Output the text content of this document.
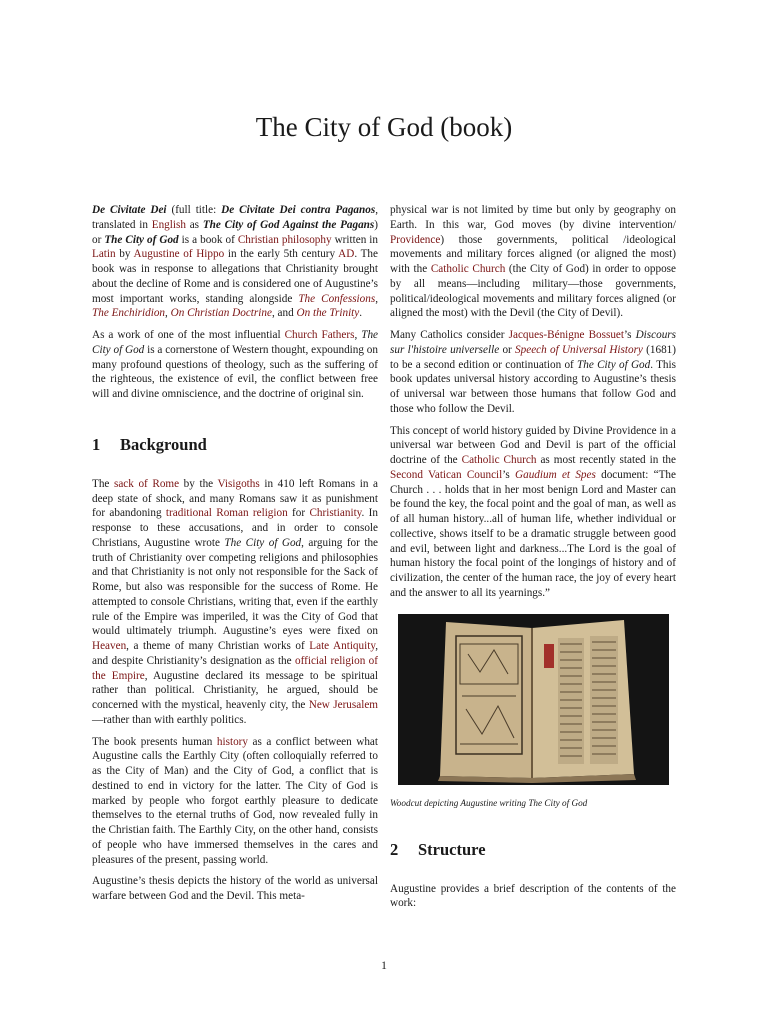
The City of God (book)

De Civitate Dei (full title: De Civitate Dei contra Paganos, translated in English as The City of God Against the Pagans) or The City of God is a book of Christian philosophy written in Latin by Augustine of Hippo in the early 5th century AD. The book was in response to allegations that Christianity brought about the decline of Rome and is considered one of Augustine’s most important works, standing alongside The Confessions, The Enchiridion, On Christian Doctrine, and On the Trinity.

As a work of one of the most influential Church Fathers, The City of God is a cornerstone of Western thought, expounding on many profound questions of theology, such as the suffering of the righteous, the existence of evil, the conflict between free will and divine omniscience, and the doctrine of original sin.

1 Background

The sack of Rome by the Visigoths in 410 left Romans in a deep state of shock, and many Romans saw it as punishment for abandoning traditional Roman religion for Christianity. In response to these accusations, and in order to console Christians, Augustine wrote The City of God, arguing for the truth of Christianity over competing religions and philosophies and that Christianity is not only not responsible for the Sack of Rome, but also was responsible for the success of Rome. He attempted to console Christians, writing that, even if the earthly rule of the Empire was imperiled, it was the City of God that would ultimately triumph. Augustine’s eyes were fixed on Heaven, a theme of many Christian works of Late Antiquity, and despite Christianity’s designation as the official religion of the Empire, Augustine declared its message to be spiritual rather than political. Christianity, he argued, should be concerned with the mystical, heavenly city, the New Jerusalem—rather than with earthly politics.

The book presents human history as a conflict between what Augustine calls the Earthly City (often colloquially referred to as the City of Man) and the City of God, a conflict that is destined to end in victory for the latter. The City of God is marked by people who forgot earthly pleasure to dedicate themselves to the eternal truths of God, now revealed fully in the Christian faith. The Earthly City, on the other hand, consists of people who have immersed themselves in the cares and pleasures of the present, passing world.

Augustine’s thesis depicts the history of the world as universal warfare between God and the Devil. This meta-

physical war is not limited by time but only by geography on Earth. In this war, God moves (by divine intervention/ Providence) those governments, political /ideological movements and military forces aligned (or aligned the most) with the Catholic Church (the City of God) in order to oppose by all means—including military—those governments, political/ideological movements and military forces aligned (or aligned the most) with the Devil (the City of Devil).

Many Catholics consider Jacques-Bénigne Bossuet’s Discours sur l'histoire universelle or Speech of Universal History (1681) to be a second edition or continuation of The City of God. This book updates universal history according to Augustine’s thesis of universal war between those humans that follow God and those who follow the Devil.

This concept of world history guided by Divine Providence in a universal war between God and Devil is part of the official doctrine of the Catholic Church as most recently stated in the Second Vatican Council’s Gaudium et Spes document: “The Church . . . holds that in her most benign Lord and Master can be found the key, the focal point and the goal of man, as well as of all human history...all of human life, whether individual or collective, shows itself to be a dramatic struggle between good and evil, between light and darkness...The Lord is the goal of human history the focal point of the longings of history and of civilization, the center of the human race, the joy of every heart and the answer to all its yearnings.”

Woodcut depicting Augustine writing The City of God

2 Structure

Augustine provides a brief description of the contents of the work:

1
